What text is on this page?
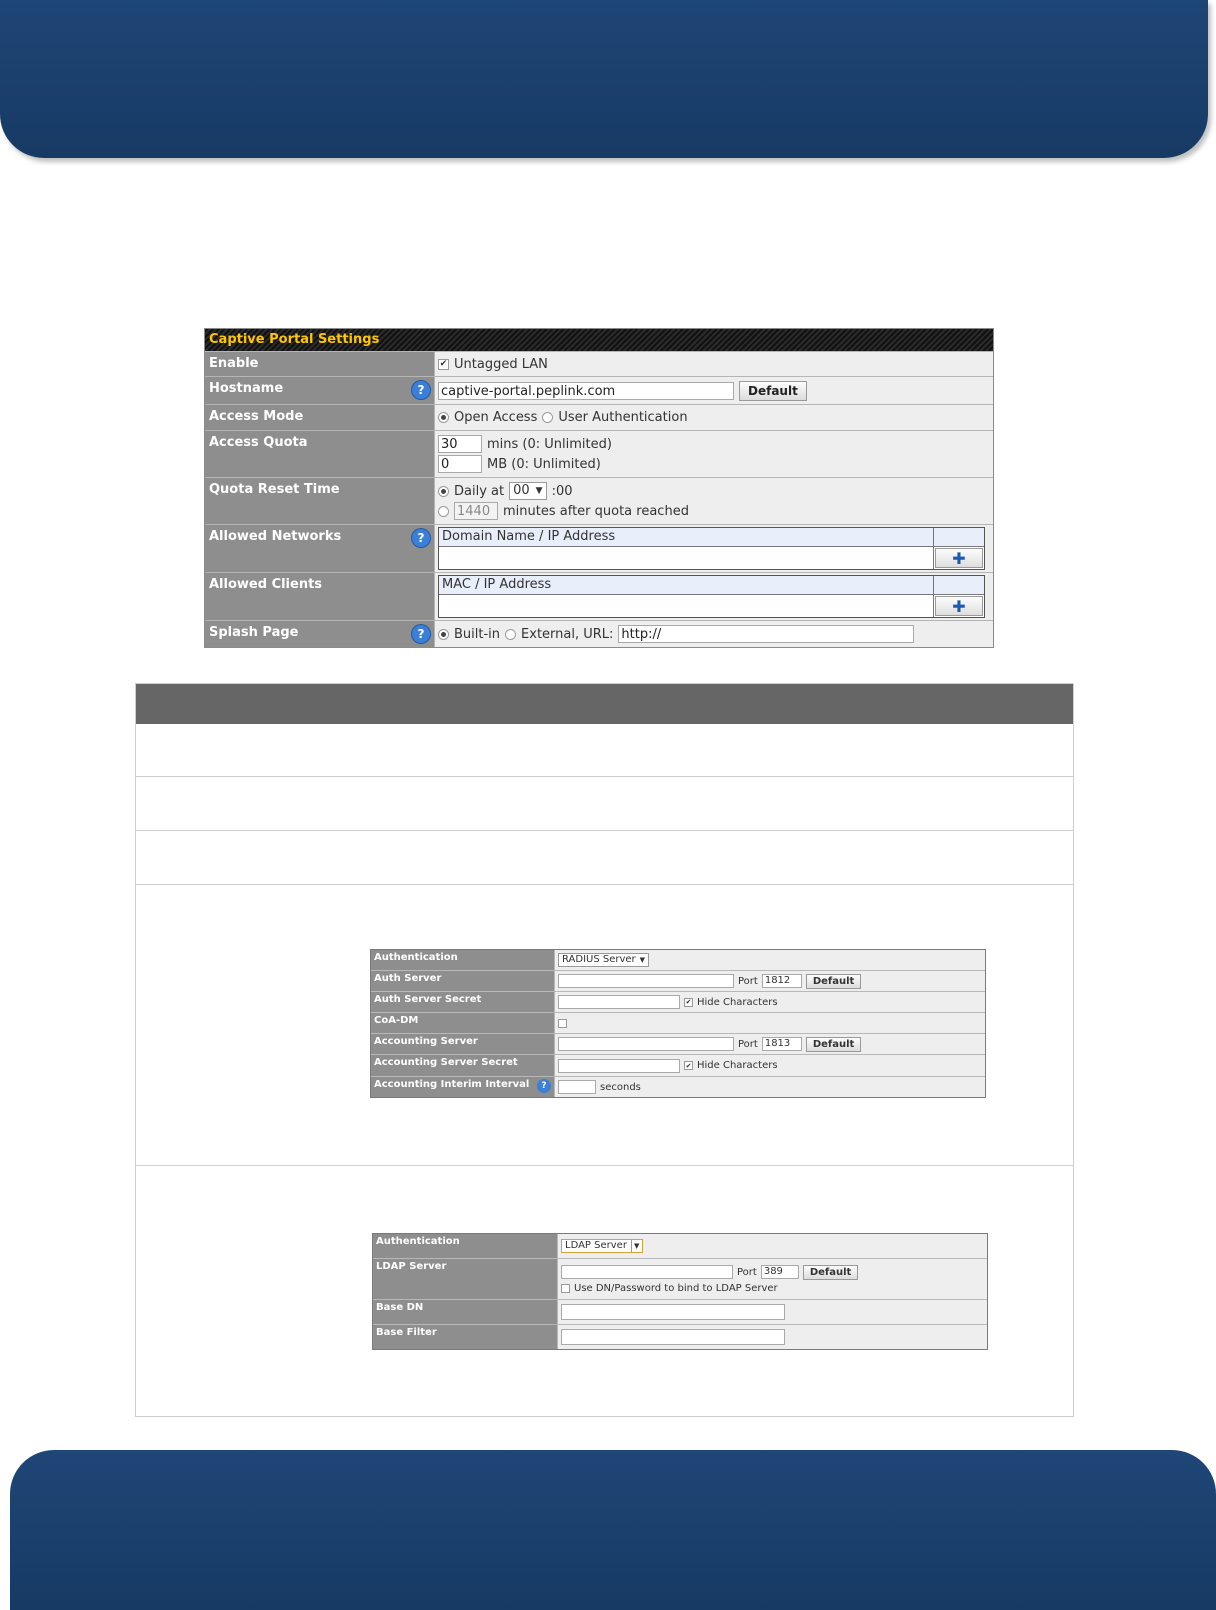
Captive Portal Settings
Enable	✔ Untagged LAN
Hostname	?	captive-portal.peplink.com	Default
Access Mode	Open Access User Authentication
Access Quota	30	mins (0: Unlimited)
0	MB (0: Unlimited)
Quota Reset Time	Daily at 00 ▼ :00
1440 minutes after quota reached
Allowed Networks	?	Domain Name / IP Address
✚
Allowed Clients	MAC / IP Address
✚
Splash Page	?	Built-in External, URL: http://
Authentication	RADIUS Server ▼
Auth Server	Port 1812	Default
Auth Server Secret	✔ Hide Characters
CoA-DM
Accounting Server	Port 1813	Default
Accounting Server Secret	✔ Hide Characters
Accounting Interim Interval	?	seconds
Authentication	LDAP Server	▼
LDAP Server	Port 389	Default
Use DN/Password to bind to LDAP Server
Base DN
Base Filter
